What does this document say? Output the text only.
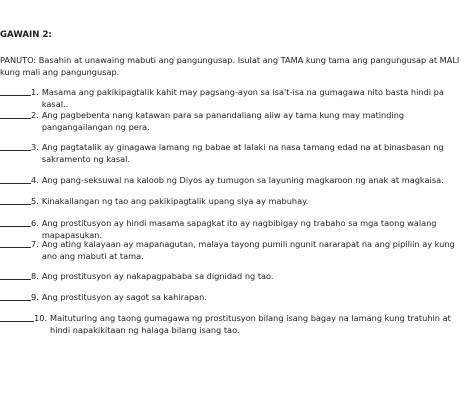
GAWAIN 2:
PANUTO: Basahin at unawaing mabuti ang pangungusap. Isulat ang TAMA kung tama ang pangungusap at MALI kung mali ang pangungusap.
1. Masama ang pakikipagtalik kahit may pagsang-ayon sa isa't-isa na gumagawa nito basta hindi pa kasal..
2. Ang pagbebenta nang katawan para sa panandaliang aliw ay tama kung may matinding pangangailangan ng pera.
3. Ang pagtatalik ay ginagawa lamang ng babae at lalaki na nasa tamang edad na at binasbasan ng sakramento ng kasal.
4. Ang pang-seksuwal na kaloob ng Diyos ay tumugon sa layuning magkaroon ng anak at magkaisa.
5. Kinakailangan ng tao ang pakikipagtalik upang siya ay mabuhay.
6. Ang prostitusyon ay hindi masama sapagkat ito ay nagbibigay ng trabaho sa mga taong walang mapapasukan.
7. Ang ating kalayaan ay mapanagutan, malaya tayong pumili ngunit nararapat na ang pipiliin ay kung ano ang mabuti at tama.
8. Ang prostitusyon ay nakapagpababa sa dignidad ng tao.
9. Ang prostitusyon ay sagot sa kahirapan.
10. Maituturing ang taong gumagawa ng prostitusyon bilang isang bagay na lamang kung tratuhin at hindi napakikitaan ng halaga bilang isang tao.
